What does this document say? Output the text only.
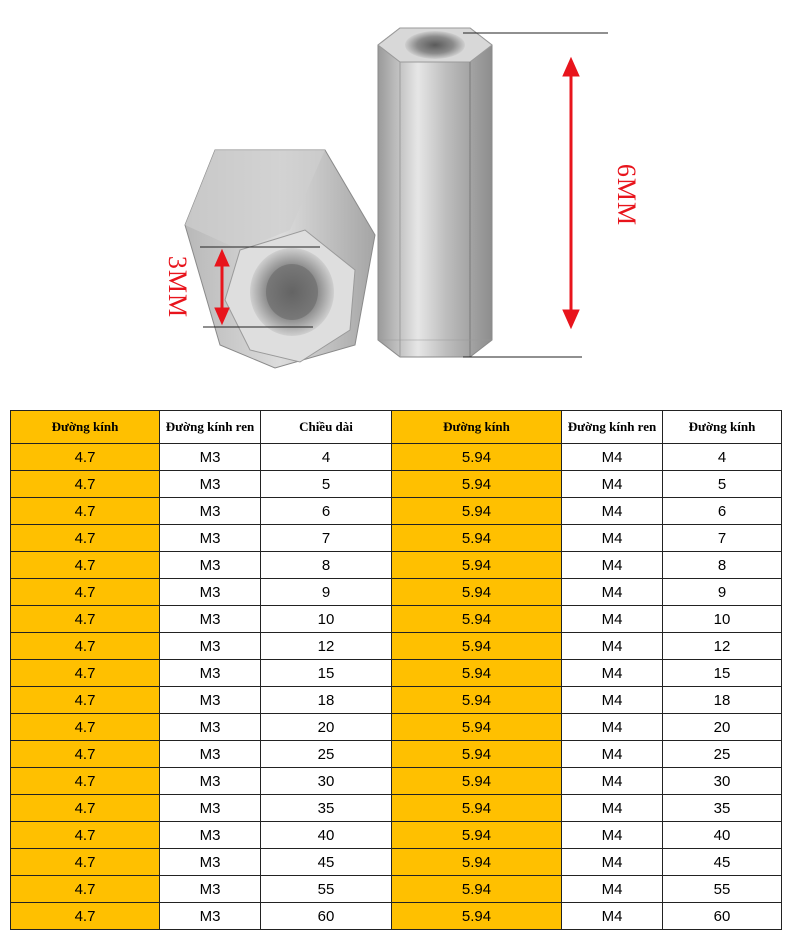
6MM
3MM
Đường kính	Đường kính ren	Chiều dài	Đường kính	Đường kính ren	Đường kính
4.7	M3	4	5.94	M4	4
4.7	M3	5	5.94	M4	5
4.7	M3	6	5.94	M4	6
4.7	M3	7	5.94	M4	7
4.7	M3	8	5.94	M4	8
4.7	M3	9	5.94	M4	9
4.7	M3	10	5.94	M4	10
4.7	M3	12	5.94	M4	12
4.7	M3	15	5.94	M4	15
4.7	M3	18	5.94	M4	18
4.7	M3	20	5.94	M4	20
4.7	M3	25	5.94	M4	25
4.7	M3	30	5.94	M4	30
4.7	M3	35	5.94	M4	35
4.7	M3	40	5.94	M4	40
4.7	M3	45	5.94	M4	45
4.7	M3	55	5.94	M4	55
4.7	M3	60	5.94	M4	60
